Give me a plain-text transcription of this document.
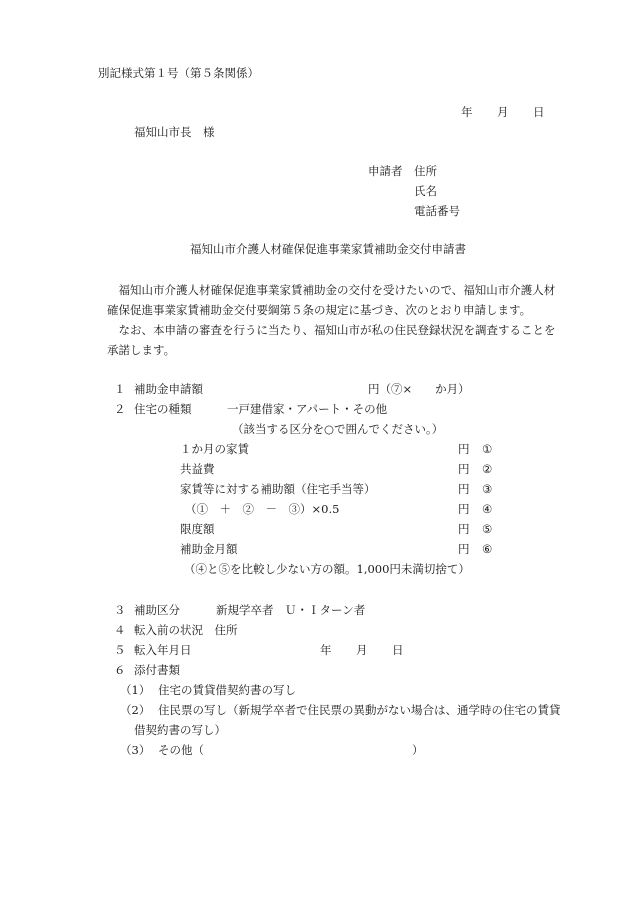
別記様式第１号（第５条関係）
年 月 日
福知山市長　様
申請者 住所
氏名
電話番号
福知山市介護人材確保促進事業家賃補助金交付申請書
　福知山市介護人材確保促進事業家賃補助金の交付を受けたいので、福知山市介護人材
確保促進事業家賃補助金交付要綱第５条の規定に基づき、次のとおり申請します。
　なお、本申請の審査を行うに当たり、福知山市が私の住民登録状況を調査することを
承諾します。
１ 補助金申請額	円（⑦×　　か月）
２ 住宅の種類	一戸建借家・アパート・その他
（該当する区分を○で囲んでください。）
１か月の家賃	円 ①
共益費	円 ②
家賃等に対する補助額（住宅手当等）	円 ③
（①　＋　②　－　③）×0.5	円 ④
限度額	円 ⑤
補助金月額	円 ⑥
（④と⑤を比較し少ない方の額。1,000円未満切捨て）
３ 補助区分	新規学卒者　Ｕ・Ｉターン者
４ 転入前の状況　住所
５ 転入年月日	年 月 日
６ 添付書類
（1） 住宅の賃貸借契約書の写し
（2） 住民票の写し（新規学卒者で住民票の異動がない場合は、通学時の住宅の賃貸
借契約書の写し）
（3） その他（	）
